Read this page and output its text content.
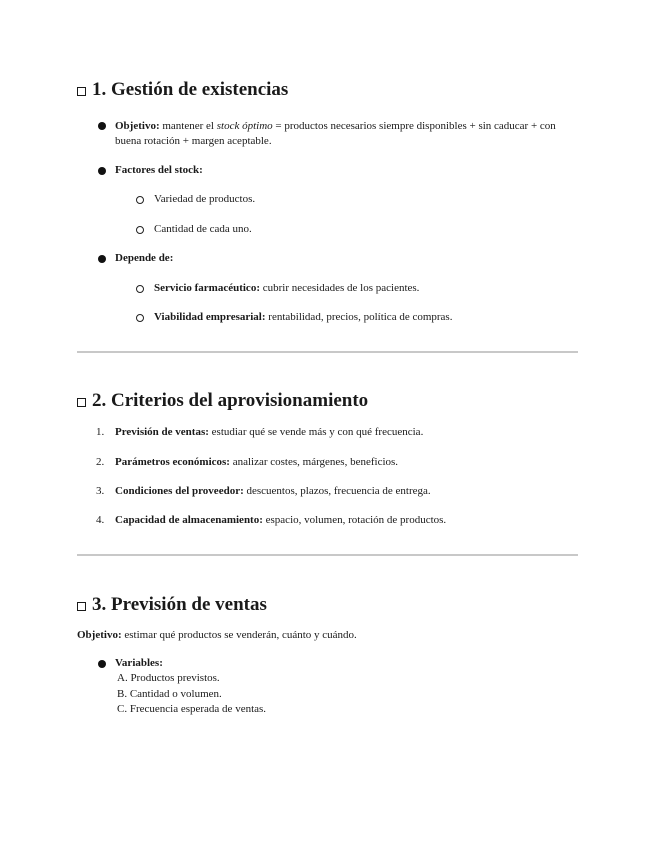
1. Gestión de existencias
Objetivo: mantener el stock óptimo = productos necesarios siempre disponibles + sin caducar + con
buena rotación + margen aceptable.
Factores del stock:
Variedad de productos.
Cantidad de cada uno.
Depende de:
Servicio farmacéutico: cubrir necesidades de los pacientes.
Viabilidad empresarial: rentabilidad, precios, política de compras.
2. Criterios del aprovisionamiento
1. Previsión de ventas: estudiar qué se vende más y con qué frecuencia.
2. Parámetros económicos: analizar costes, márgenes, beneficios.
3. Condiciones del proveedor: descuentos, plazos, frecuencia de entrega.
4. Capacidad de almacenamiento: espacio, volumen, rotación de productos.
3. Previsión de ventas
Objetivo: estimar qué productos se venderán, cuánto y cuándo.
Variables:
A. Productos previstos.
B. Cantidad o volumen.
C. Frecuencia esperada de ventas.
